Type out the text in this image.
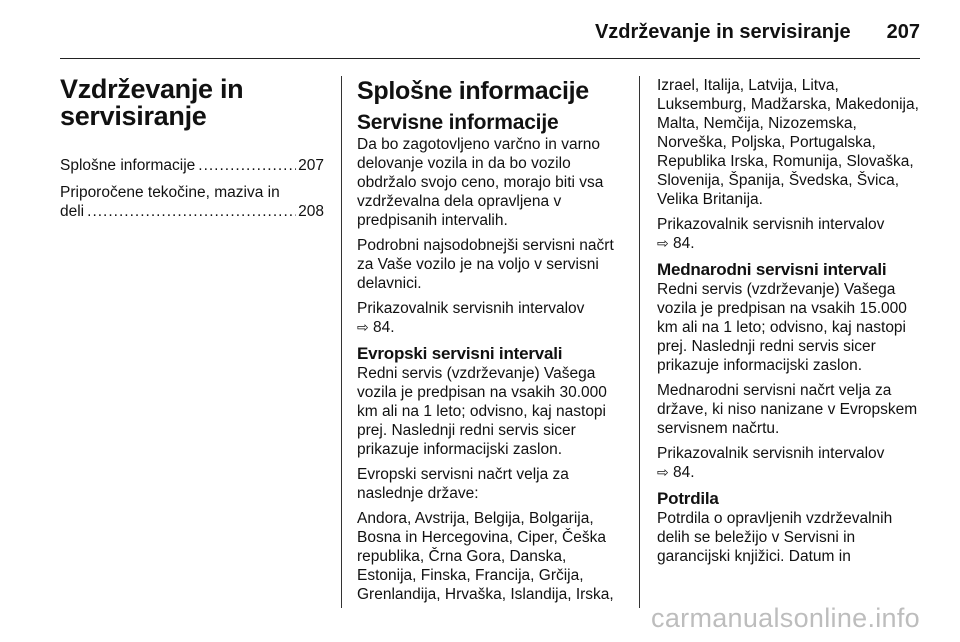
Vzdrževanje in servisiranje 207
Vzdrževanje in
servisiranje
Splošne informacije .....	207
Priporočene tekočine, maziva in
deli .....	208
Splošne informacije
Servisne informacije

Da bo zagotovljeno varčno in varno delovanje vozila in da bo vozilo obdržalo svojo ceno, morajo biti vsa vzdrževalna dela opravljena v predpisanih intervalih.

Podrobni najsodobnejši servisni načrt za Vaše vozilo je na voljo v servisni delavnici.

Prikazovalnik servisnih intervalov
⇨ 84.

Evropski servisni intervali

Redni servis (vzdrževanje) Vašega vozila je predpisan na vsakih 30.000 km ali na 1 leto; odvisno, kaj nastopi prej. Naslednji redni servis sicer prikazuje informacijski zaslon.

Evropski servisni načrt velja za naslednje države:

Andora, Avstrija, Belgija, Bolgarija, Bosna in Hercegovina, Ciper, Češka republika, Črna Gora, Danska, Estonija, Finska, Francija, Grčija, Grenlandija, Hrvaška, Islandija, Irska,

Izrael, Italija, Latvija, Litva, Luksemburg, Madžarska, Makedonija, Malta, Nemčija, Nizozemska, Norveška, Poljska, Portugalska, Republika Irska, Romunija, Slovaška, Slovenija, Španija, Švedska, Švica, Velika Britanija.

Prikazovalnik servisnih intervalov
⇨ 84.

Mednarodni servisni intervali

Redni servis (vzdrževanje) Vašega vozila je predpisan na vsakih 15.000 km ali na 1 leto; odvisno, kaj nastopi prej. Naslednji redni servis sicer prikazuje informacijski zaslon.

Mednarodni servisni načrt velja za države, ki niso nanizane v Evropskem servisnem načrtu.

Prikazovalnik servisnih intervalov
⇨ 84.

Potrdila

Potrdila o opravljenih vzdrževalnih delih se beležijo v Servisni in garancijski knjižici. Datum in

carmanualsonline.info
